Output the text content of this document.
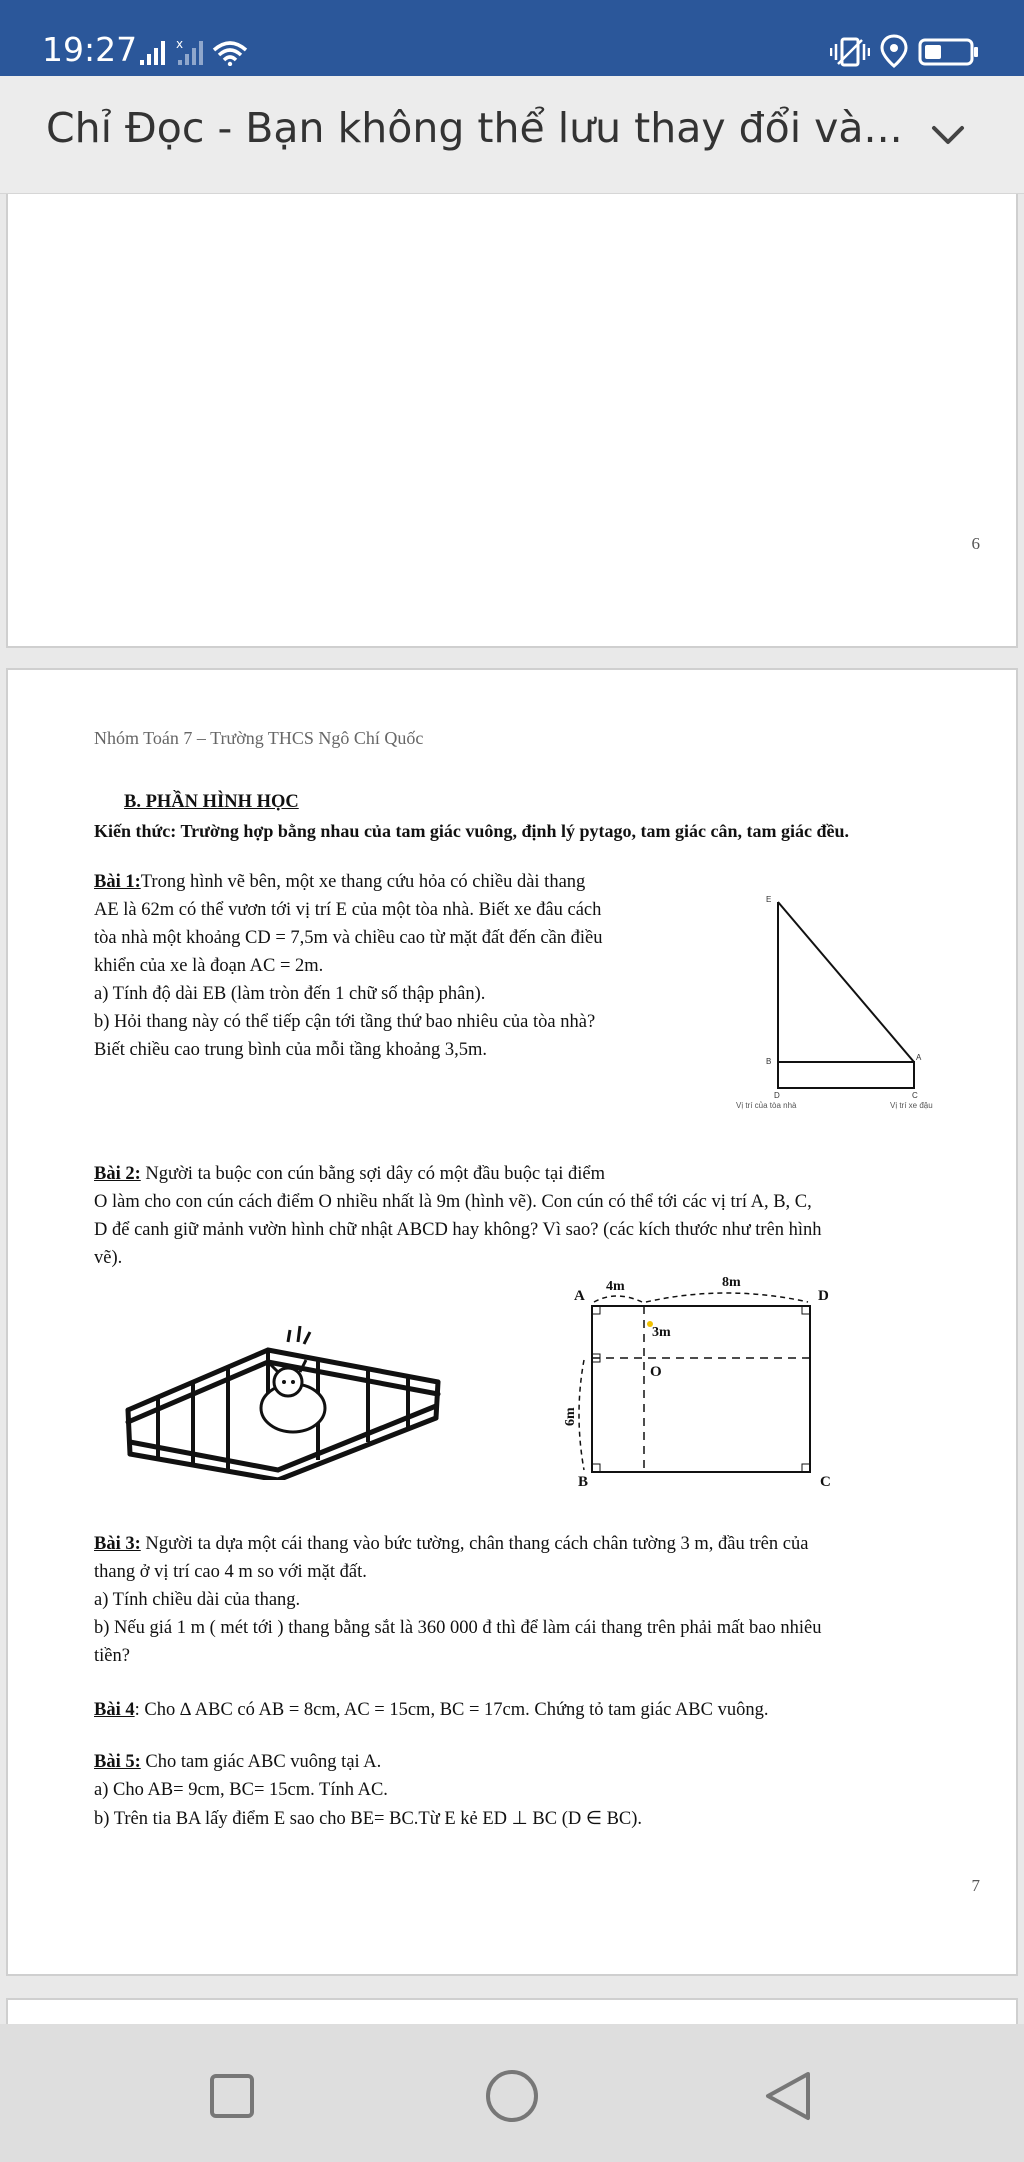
19:27	x
Chỉ Đọc - Bạn không thể lưu thay đổi và...
6
Nhóm Toán 7 – Trường THCS Ngô Chí Quốc
B. PHẦN HÌNH HỌC
Kiến thức: Trường hợp bằng nhau của tam giác vuông, định lý pytago, tam giác cân, tam giác đều.
Bài 1:Trong hình vẽ bên, một xe thang cứu hỏa có chiều dài thang
AE là 62m có thể vươn tới vị trí E của một tòa nhà. Biết xe đâu cách
tòa nhà một khoảng CD = 7,5m và chiều cao từ mặt đất đến cần điều
khiển của xe là đoạn AC = 2m.
a) Tính độ dài EB (làm tròn đến 1 chữ số thập phân).
b) Hỏi thang này có thể tiếp cận tới tầng thứ bao nhiêu của tòa nhà?
Biết chiều cao trung bình của mỗi tầng khoảng 3,5m.
E
B	A
D	C
Vị trí của tòa nhà	Vị trí xe đậu
Bài 2: Người ta buộc con cún bằng sợi dây có một đầu buộc tại điểm
O làm cho con cún cách điểm O nhiều nhất là 9m (hình vẽ). Con cún có thể tới các vị trí A, B, C,
D để canh giữ mảnh vườn hình chữ nhật ABCD hay không? Vì sao? (các kích thước như trên hình
vẽ).
A	D
B	C
O
4m	8m
3m
6m
Bài 3: Người ta dựa một cái thang vào bức tường, chân thang cách chân tường 3 m, đầu trên của
thang ở vị trí cao 4 m so với mặt đất.
a) Tính chiều dài của thang.
b) Nếu giá 1 m ( mét tới ) thang bằng sắt là 360 000 đ thì để làm cái thang trên phải mất bao nhiêu
tiền?
Bài 4: Cho ∆ ABC có AB = 8cm, AC = 15cm, BC = 17cm. Chứng tỏ tam giác ABC vuông.
Bài 5: Cho tam giác ABC vuông tại A.
a) Cho AB= 9cm, BC= 15cm. Tính AC.
b) Trên tia BA lấy điểm E sao cho BE= BC.Từ E kẻ ED ⊥ BC (D ∈ BC).
7
